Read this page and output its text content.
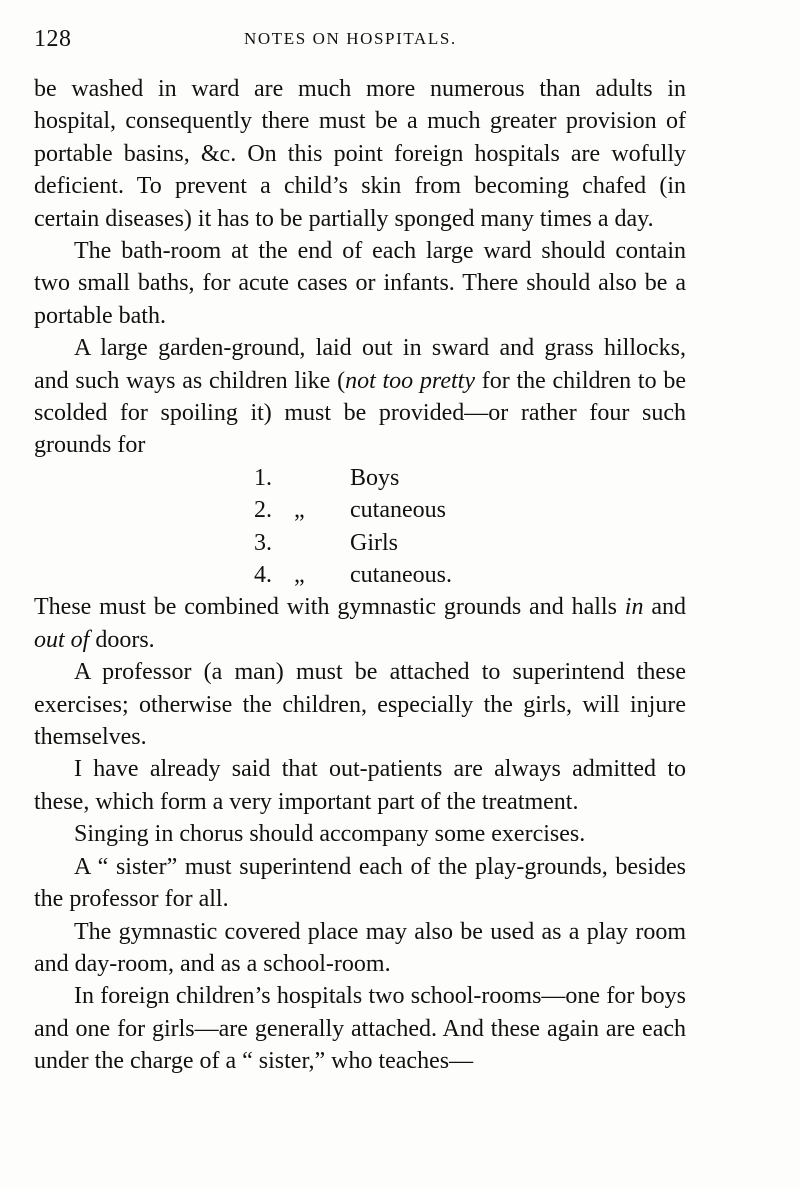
128	NOTES ON HOSPITALS.

be washed in ward are much more numerous than adults in hospital, consequently there must be a much greater provision of portable basins, &c. On this point foreign hospitals are wofully deficient. To prevent a child’s skin from becoming chafed (in certain diseases) it has to be partially sponged many times a day.

The bath-room at the end of each large ward should contain two small baths, for acute cases or infants. There should also be a portable bath.

A large garden-ground, laid out in sward and grass hillocks, and such ways as children like (not too pretty for the children to be scolded for spoiling it) must be provided—or rather four such grounds for

1.	Boys
2. „ cutaneous
3.	Girls
4. „ cutaneous.

These must be combined with gymnastic grounds and halls in and out of doors.

A professor (a man) must be attached to superintend these exercises; otherwise the children, especially the girls, will injure themselves.

I have already said that out-patients are always admitted to these, which form a very important part of the treatment.

Singing in chorus should accompany some exercises.

A “ sister” must superintend each of the play-grounds, besides the professor for all.

The gymnastic covered place may also be used as a play room and day-room, and as a school-room.

In foreign children’s hospitals two school-rooms—one for boys and one for girls—are generally attached. And these again are each under the charge of a “ sister,” who teaches—
